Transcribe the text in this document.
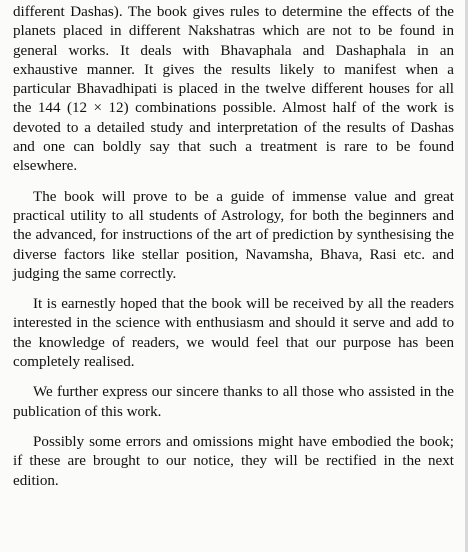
different Dashas). The book gives rules to determine the effects of the planets placed in different Nakshatras which are not to be found in general works. It deals with Bhavaphala and Dashaphala in an exhaustive manner. It gives the results likely to manifest when a particular Bhavadhipati is placed in the twelve different houses for all the 144 (12 × 12) combinations possible. Almost half of the work is devoted to a detailed study and interpretation of the results of Dashas and one can boldly say that such a treatment is rare to be found elsewhere.

The book will prove to be a guide of immense value and great practical utility to all students of Astrology, for both the beginners and the advanced, for instructions of the art of prediction by synthesising the diverse factors like stellar position, Navamsha, Bhava, Rasi etc. and judging the same correctly.

It is earnestly hoped that the book will be received by all the readers interested in the science with enthusiasm and should it serve and add to the knowledge of readers, we would feel that our purpose has been completely realised.

We further express our sincere thanks to all those who assisted in the publication of this work.

Possibly some errors and omissions might have embodied the book; if these are brought to our notice, they will be rectified in the next edition.
